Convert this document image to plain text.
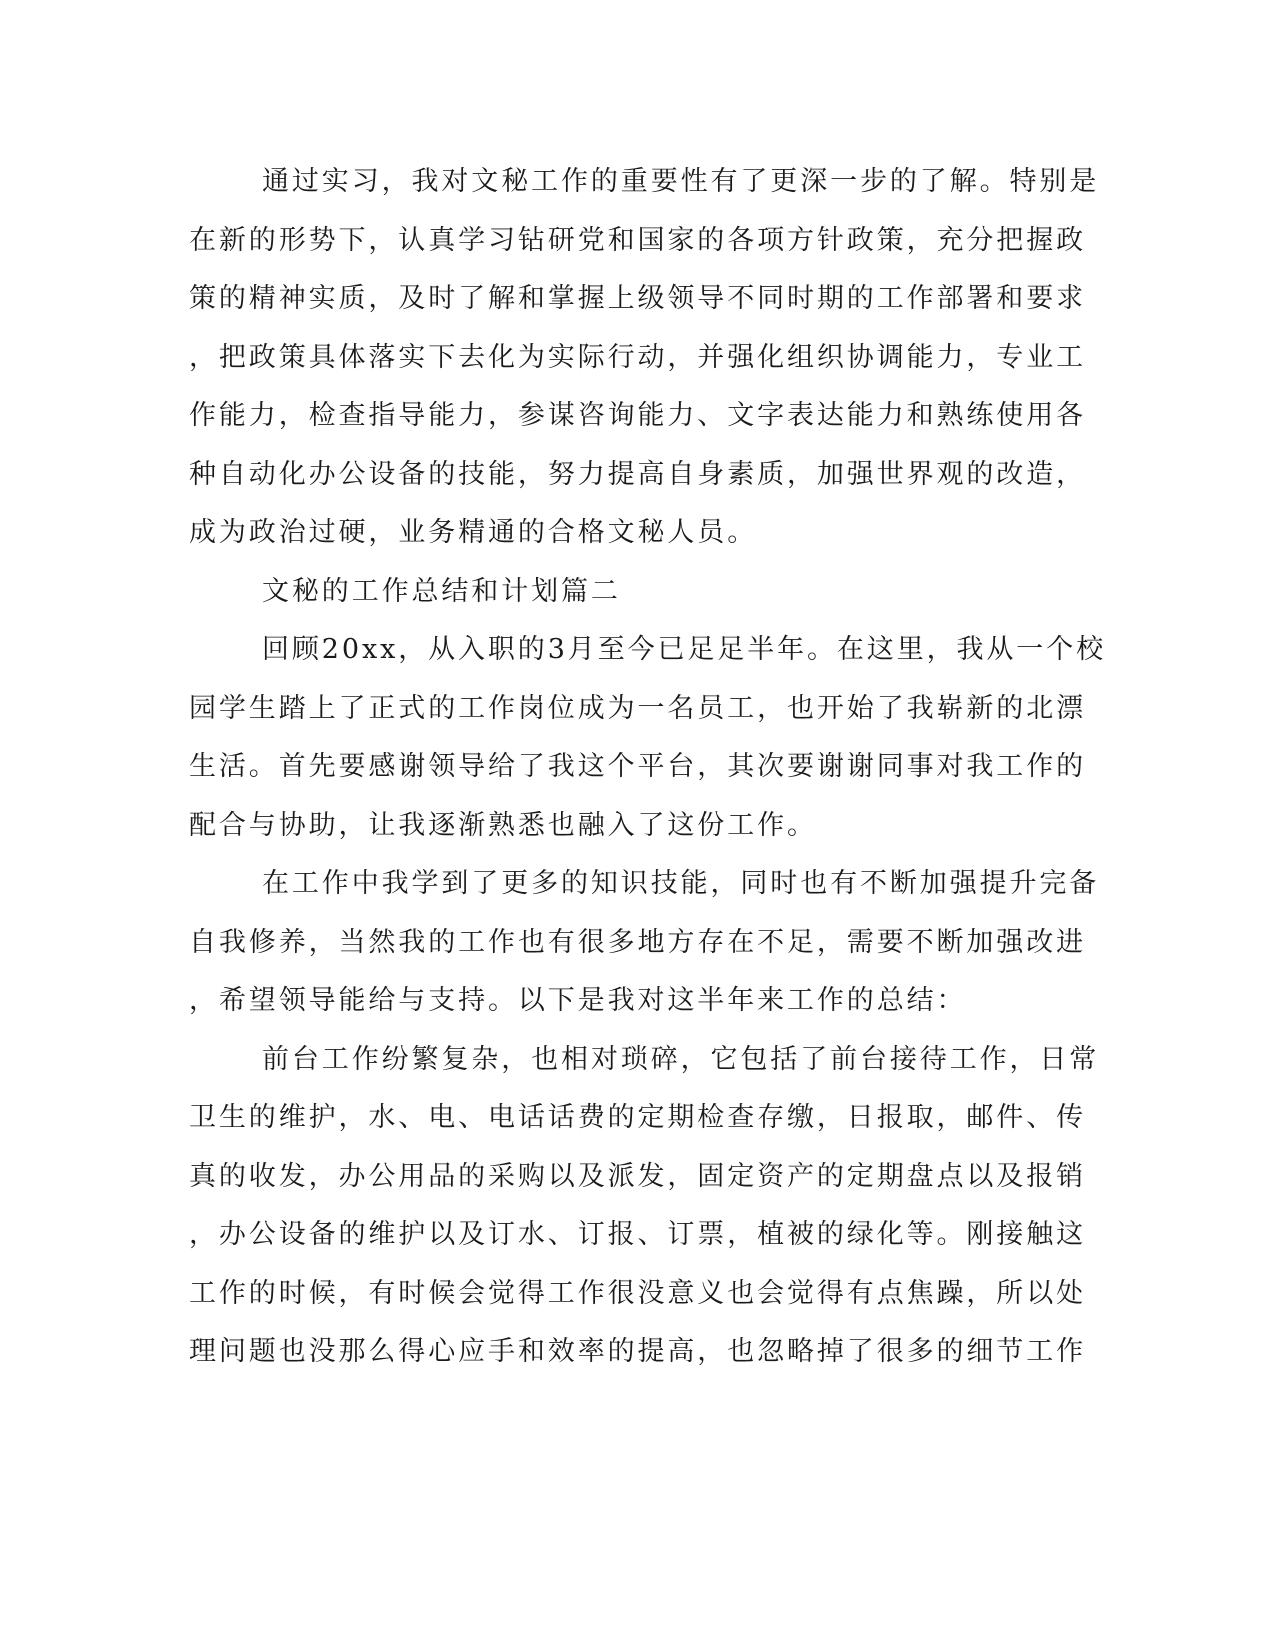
通过实习，我对文秘工作的重要性有了更深一步的了解。特别是
在新的形势下，认真学习钻研党和国家的各项方针政策，充分把握政
策的精神实质，及时了解和掌握上级领导不同时期的工作部署和要求
，把政策具体落实下去化为实际行动，并强化组织协调能力，专业工
作能力，检查指导能力，参谋咨询能力、文字表达能力和熟练使用各
种自动化办公设备的技能，努力提高自身素质，加强世界观的改造，
成为政治过硬，业务精通的合格文秘人员。
文秘的工作总结和计划篇二
回顾20xx，从入职的3月至今已足足半年。在这里，我从一个校
园学生踏上了正式的工作岗位成为一名员工，也开始了我崭新的北漂
生活。首先要感谢领导给了我这个平台，其次要谢谢同事对我工作的
配合与协助，让我逐渐熟悉也融入了这份工作。
在工作中我学到了更多的知识技能，同时也有不断加强提升完备
自我修养，当然我的工作也有很多地方存在不足，需要不断加强改进
，希望领导能给与支持。以下是我对这半年来工作的总结：
前台工作纷繁复杂，也相对琐碎，它包括了前台接待工作，日常
卫生的维护，水、电、电话话费的定期检查存缴，日报取，邮件、传
真的收发，办公用品的采购以及派发，固定资产的定期盘点以及报销
，办公设备的维护以及订水、订报、订票，植被的绿化等。刚接触这
工作的时候，有时候会觉得工作很没意义也会觉得有点焦躁，所以处
理问题也没那么得心应手和效率的提高，也忽略掉了很多的细节工作
